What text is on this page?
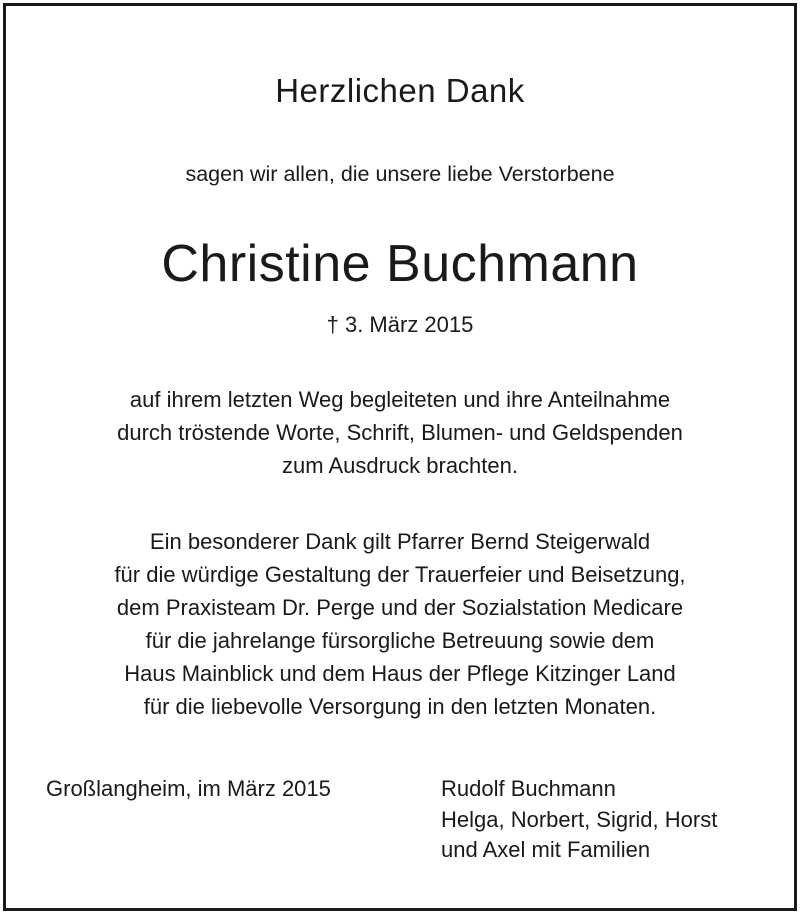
Herzlichen Dank
sagen wir allen, die unsere liebe Verstorbene
Christine Buchmann
† 3. März 2015
auf ihrem letzten Weg begleiteten und ihre Anteilnahme
durch tröstende Worte, Schrift, Blumen- und Geldspenden
zum Ausdruck brachten.
Ein besonderer Dank gilt Pfarrer Bernd Steigerwald
für die würdige Gestaltung der Trauerfeier und Beisetzung,
dem Praxisteam Dr. Perge und der Sozialstation Medicare
für die jahrelange fürsorgliche Betreuung sowie dem
Haus Mainblick und dem Haus der Pflege Kitzinger Land
für die liebevolle Versorgung in den letzten Monaten.
Großlangheim, im März 2015	Rudolf Buchmann
Helga, Norbert, Sigrid, Horst
und Axel mit Familien
